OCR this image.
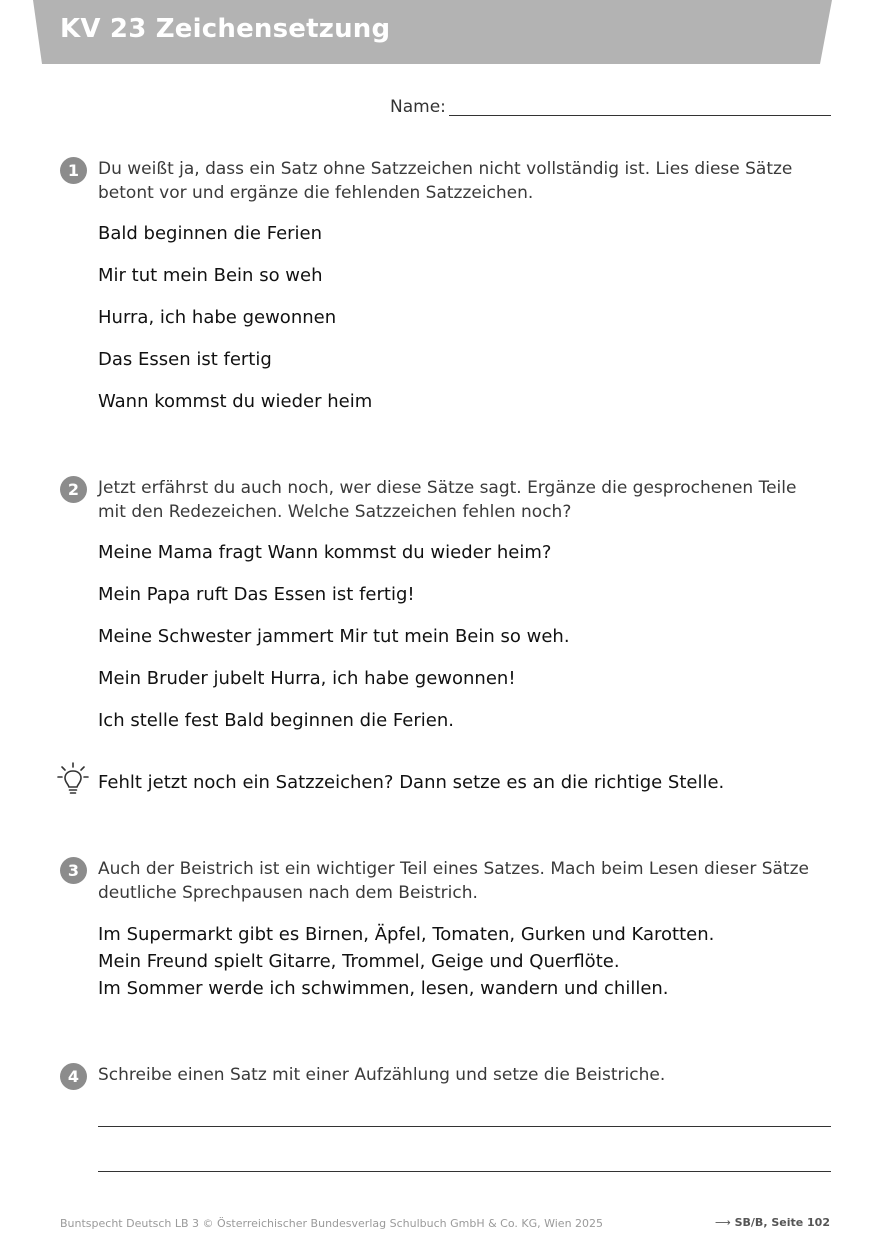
KV 23 Zeichensetzung
Name:
1	Du weißt ja, dass ein Satz ohne Satzzeichen nicht vollständig ist. Lies diese Sätze betont vor und ergänze die fehlenden Satzzeichen.
Bald beginnen die Ferien
Mir tut mein Bein so weh
Hurra, ich habe gewonnen
Das Essen ist fertig
Wann kommst du wieder heim
2	Jetzt erfährst du auch noch, wer diese Sätze sagt. Ergänze die gesprochenen Teile mit den Redezeichen. Welche Satzzeichen fehlen noch?
Meine Mama fragt Wann kommst du wieder heim?
Mein Papa ruft Das Essen ist fertig!
Meine Schwester jammert Mir tut mein Bein so weh.
Mein Bruder jubelt Hurra, ich habe gewonnen!
Ich stelle fest Bald beginnen die Ferien.
Fehlt jetzt noch ein Satzzeichen? Dann setze es an die richtige Stelle.
3	Auch der Beistrich ist ein wichtiger Teil eines Satzes. Mach beim Lesen dieser Sätze deutliche Sprechpausen nach dem Beistrich.
Im Supermarkt gibt es Birnen, Äpfel, Tomaten, Gurken und Karotten.
Mein Freund spielt Gitarre, Trommel, Geige und Querflöte.
Im Sommer werde ich schwimmen, lesen, wandern und chillen.
4	Schreibe einen Satz mit einer Aufzählung und setze die Beistriche.
Buntspecht Deutsch LB 3 © Österreichischer Bundesverlag Schulbuch GmbH & Co. KG, Wien 2025	⟶ SB/B, Seite 102
